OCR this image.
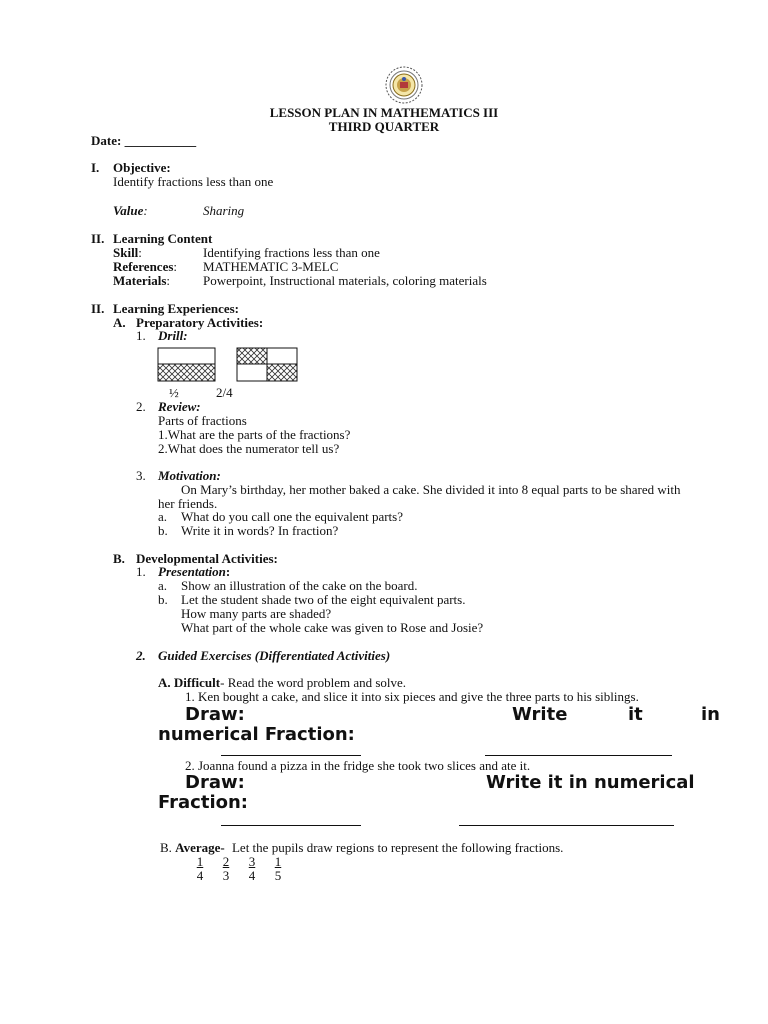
LESSON PLAN IN MATHEMATICS III
THIRD QUARTER
Date: ___________
I. Objective:
Identify fractions less than one
Value:	Sharing
II. Learning Content
Skill:	Identifying fractions less than one
References: MATHEMATIC 3-MELC
Materials:	Powerpoint, Instructional materials, coloring materials
II. Learning Experiences:
A. Preparatory Activities:
1. Drill:
½	2/4
2. Review:
Parts of fractions
1.What are the parts of the fractions?
2.What does the numerator tell us?
3. Motivation:
On Mary’s birthday, her mother baked a cake. She divided it into 8 equal parts to be shared with
her friends.
a. What do you call one the equivalent parts?
b. Write it in words? In fraction?
B. Developmental Activities:
1. Presentation:
a. Show an illustration of the cake on the board.
b. Let the student shade two of the eight equivalent parts.
How many parts are shaded?
What part of the whole cake was given to Rose and Josie?
2. Guided Exercises (Differentiated Activities)
A. Difficult- Read the word problem and solve.
1. Ken bought a cake, and slice it into six pieces and give the three parts to his siblings.
Draw:	Write	it	in
numerical Fraction:
2. Joanna found a pizza in the fridge she took two slices and ate it.
Draw:	Write it in numerical
Fraction:
B. Average- Let the pupils draw regions to represent the following fractions.
$\frac{1}{4} \frac{2}{3} \frac{3}{4} \frac{1}{5}$
